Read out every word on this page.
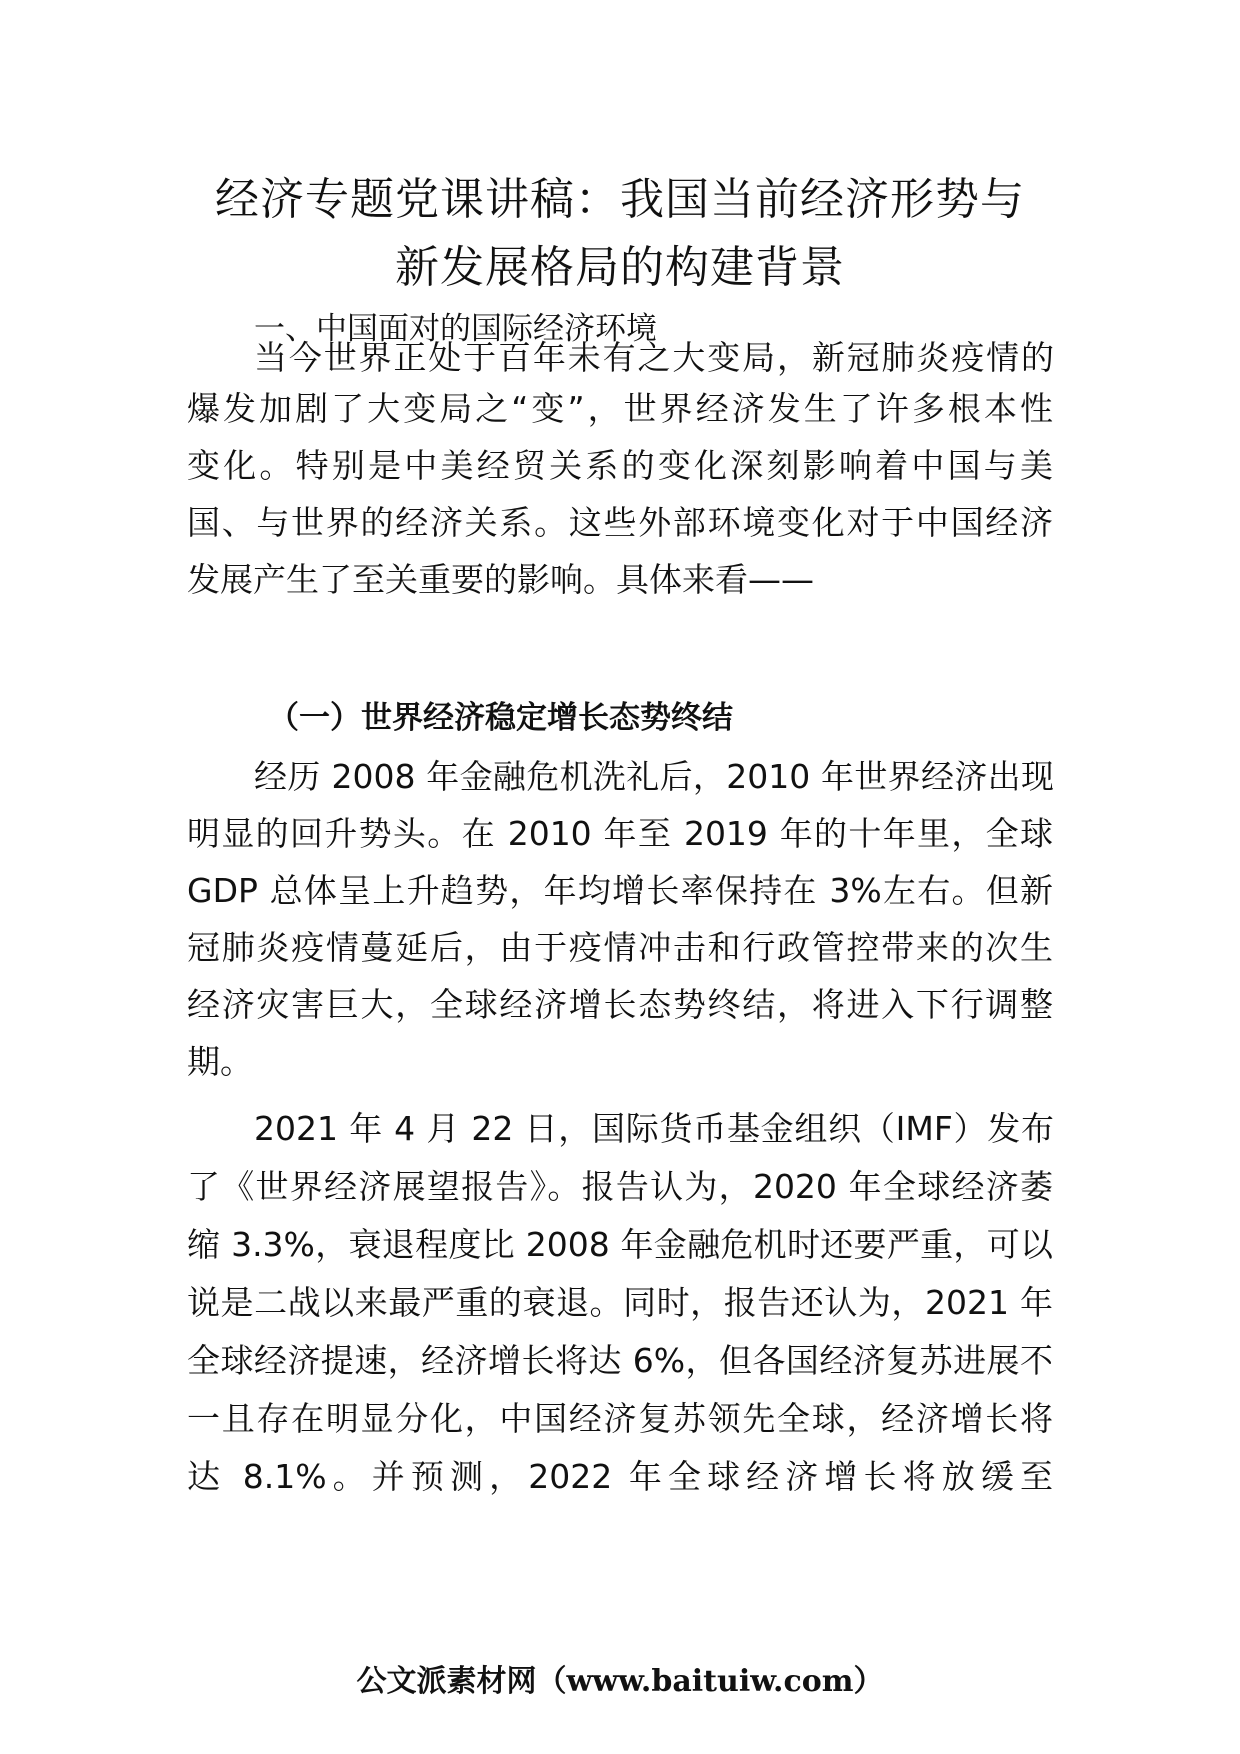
经济专题党课讲稿：我国当前经济形势与
新发展格局的构建背景
一、中国面对的国际经济环境
当今世界正处于百年未有之大变局，新冠肺炎疫情的
爆发加剧了大变局之“变”，世界经济发生了许多根本性
变化。特别是中美经贸关系的变化深刻影响着中国与美
国、与世界的经济关系。这些外部环境变化对于中国经济
发展产生了至关重要的影响。具体来看——
（一）世界经济稳定增长态势终结
经历 2008 年金融危机洗礼后，2010 年世界经济出现
明显的回升势头。在 2010 年至 2019 年的十年里，全球
GDP 总体呈上升趋势，年均增长率保持在 3%左右。但新
冠肺炎疫情蔓延后，由于疫情冲击和行政管控带来的次生
经济灾害巨大，全球经济增长态势终结，将进入下行调整
期。
2021 年 4 月 22 日，国际货币基金组织（IMF）发布
了《世界经济展望报告》。报告认为，2020 年全球经济萎
缩 3.3%，衰退程度比 2008 年金融危机时还要严重，可以
说是二战以来最严重的衰退。同时，报告还认为，2021 年
全球经济提速，经济增长将达 6%，但各国经济复苏进展不
一且存在明显分化，中国经济复苏领先全球，经济增长将
达 8.1%。并预测，2022 年全球经济增长将放缓至
公文派素材网（www.baituiw.com）
